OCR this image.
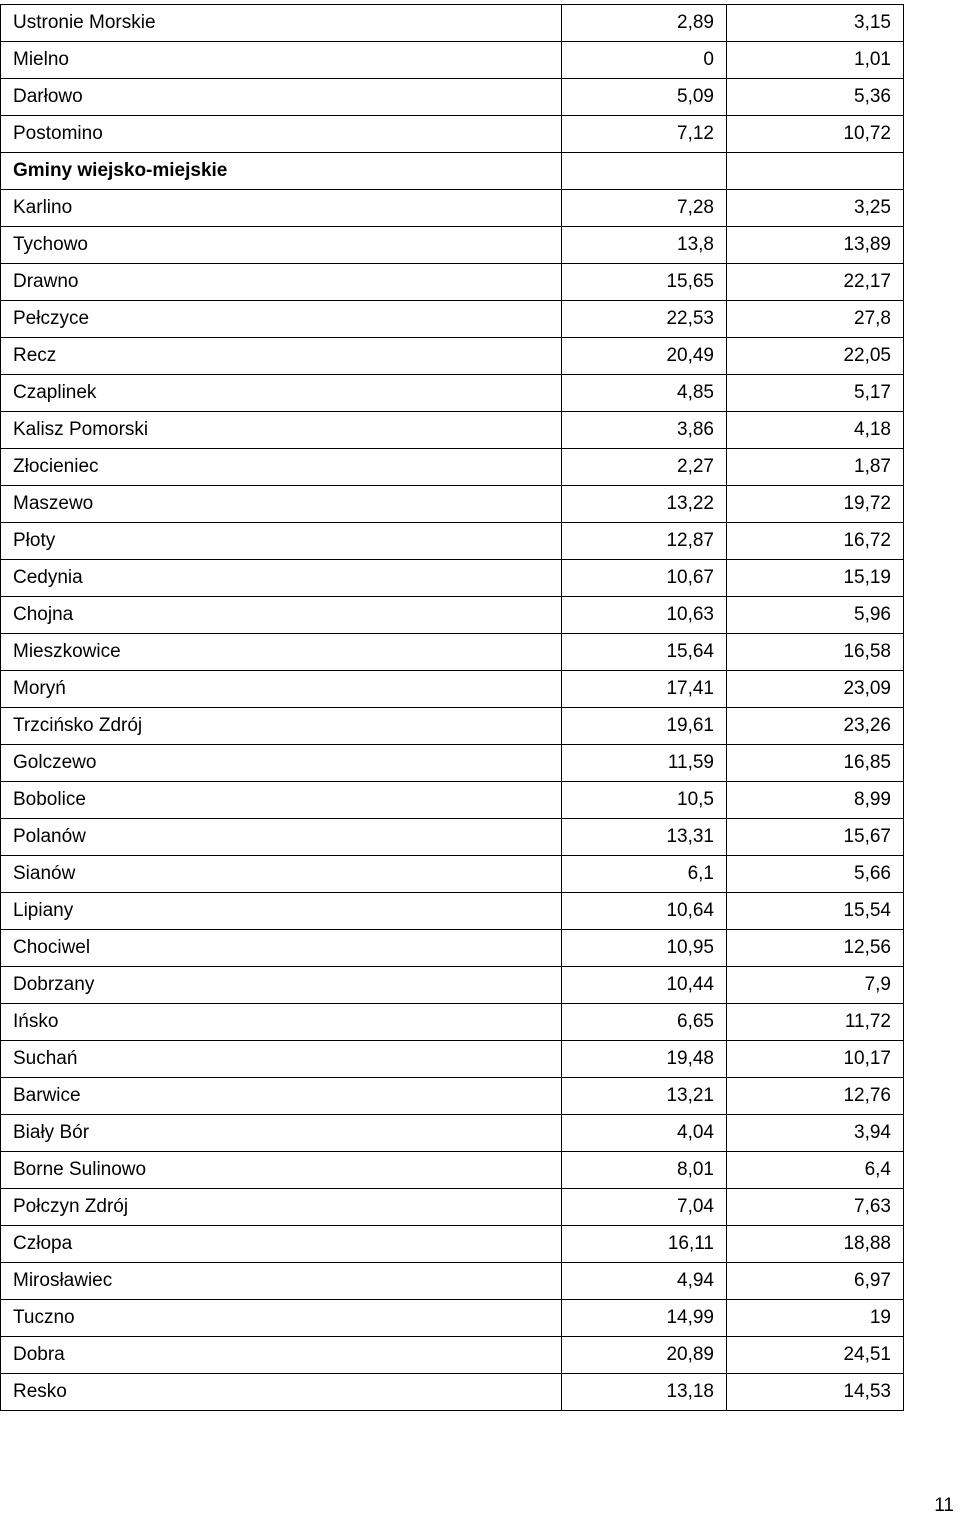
Ustronie Morskie	2,89	3,15
Mielno	0	1,01
Darłowo	5,09	5,36
Postomino	7,12	10,72
Gminy wiejsko-miejskie		
Karlino	7,28	3,25
Tychowo	13,8	13,89
Drawno	15,65	22,17
Pełczyce	22,53	27,8
Recz	20,49	22,05
Czaplinek	4,85	5,17
Kalisz Pomorski	3,86	4,18
Złocieniec	2,27	1,87
Maszewo	13,22	19,72
Płoty	12,87	16,72
Cedynia	10,67	15,19
Chojna	10,63	5,96
Mieszkowice	15,64	16,58
Moryń	17,41	23,09
Trzcińsko Zdrój	19,61	23,26
Golczewo	11,59	16,85
Bobolice	10,5	8,99
Polanów	13,31	15,67
Sianów	6,1	5,66
Lipiany	10,64	15,54
Chociwel	10,95	12,56
Dobrzany	10,44	7,9
Ińsko	6,65	11,72
Suchań	19,48	10,17
Barwice	13,21	12,76
Biały Bór	4,04	3,94
Borne Sulinowo	8,01	6,4
Połczyn Zdrój	7,04	7,63
Człopa	16,11	18,88
Mirosławiec	4,94	6,97
Tuczno	14,99	19
Dobra	20,89	24,51
Resko	13,18	14,53
11
